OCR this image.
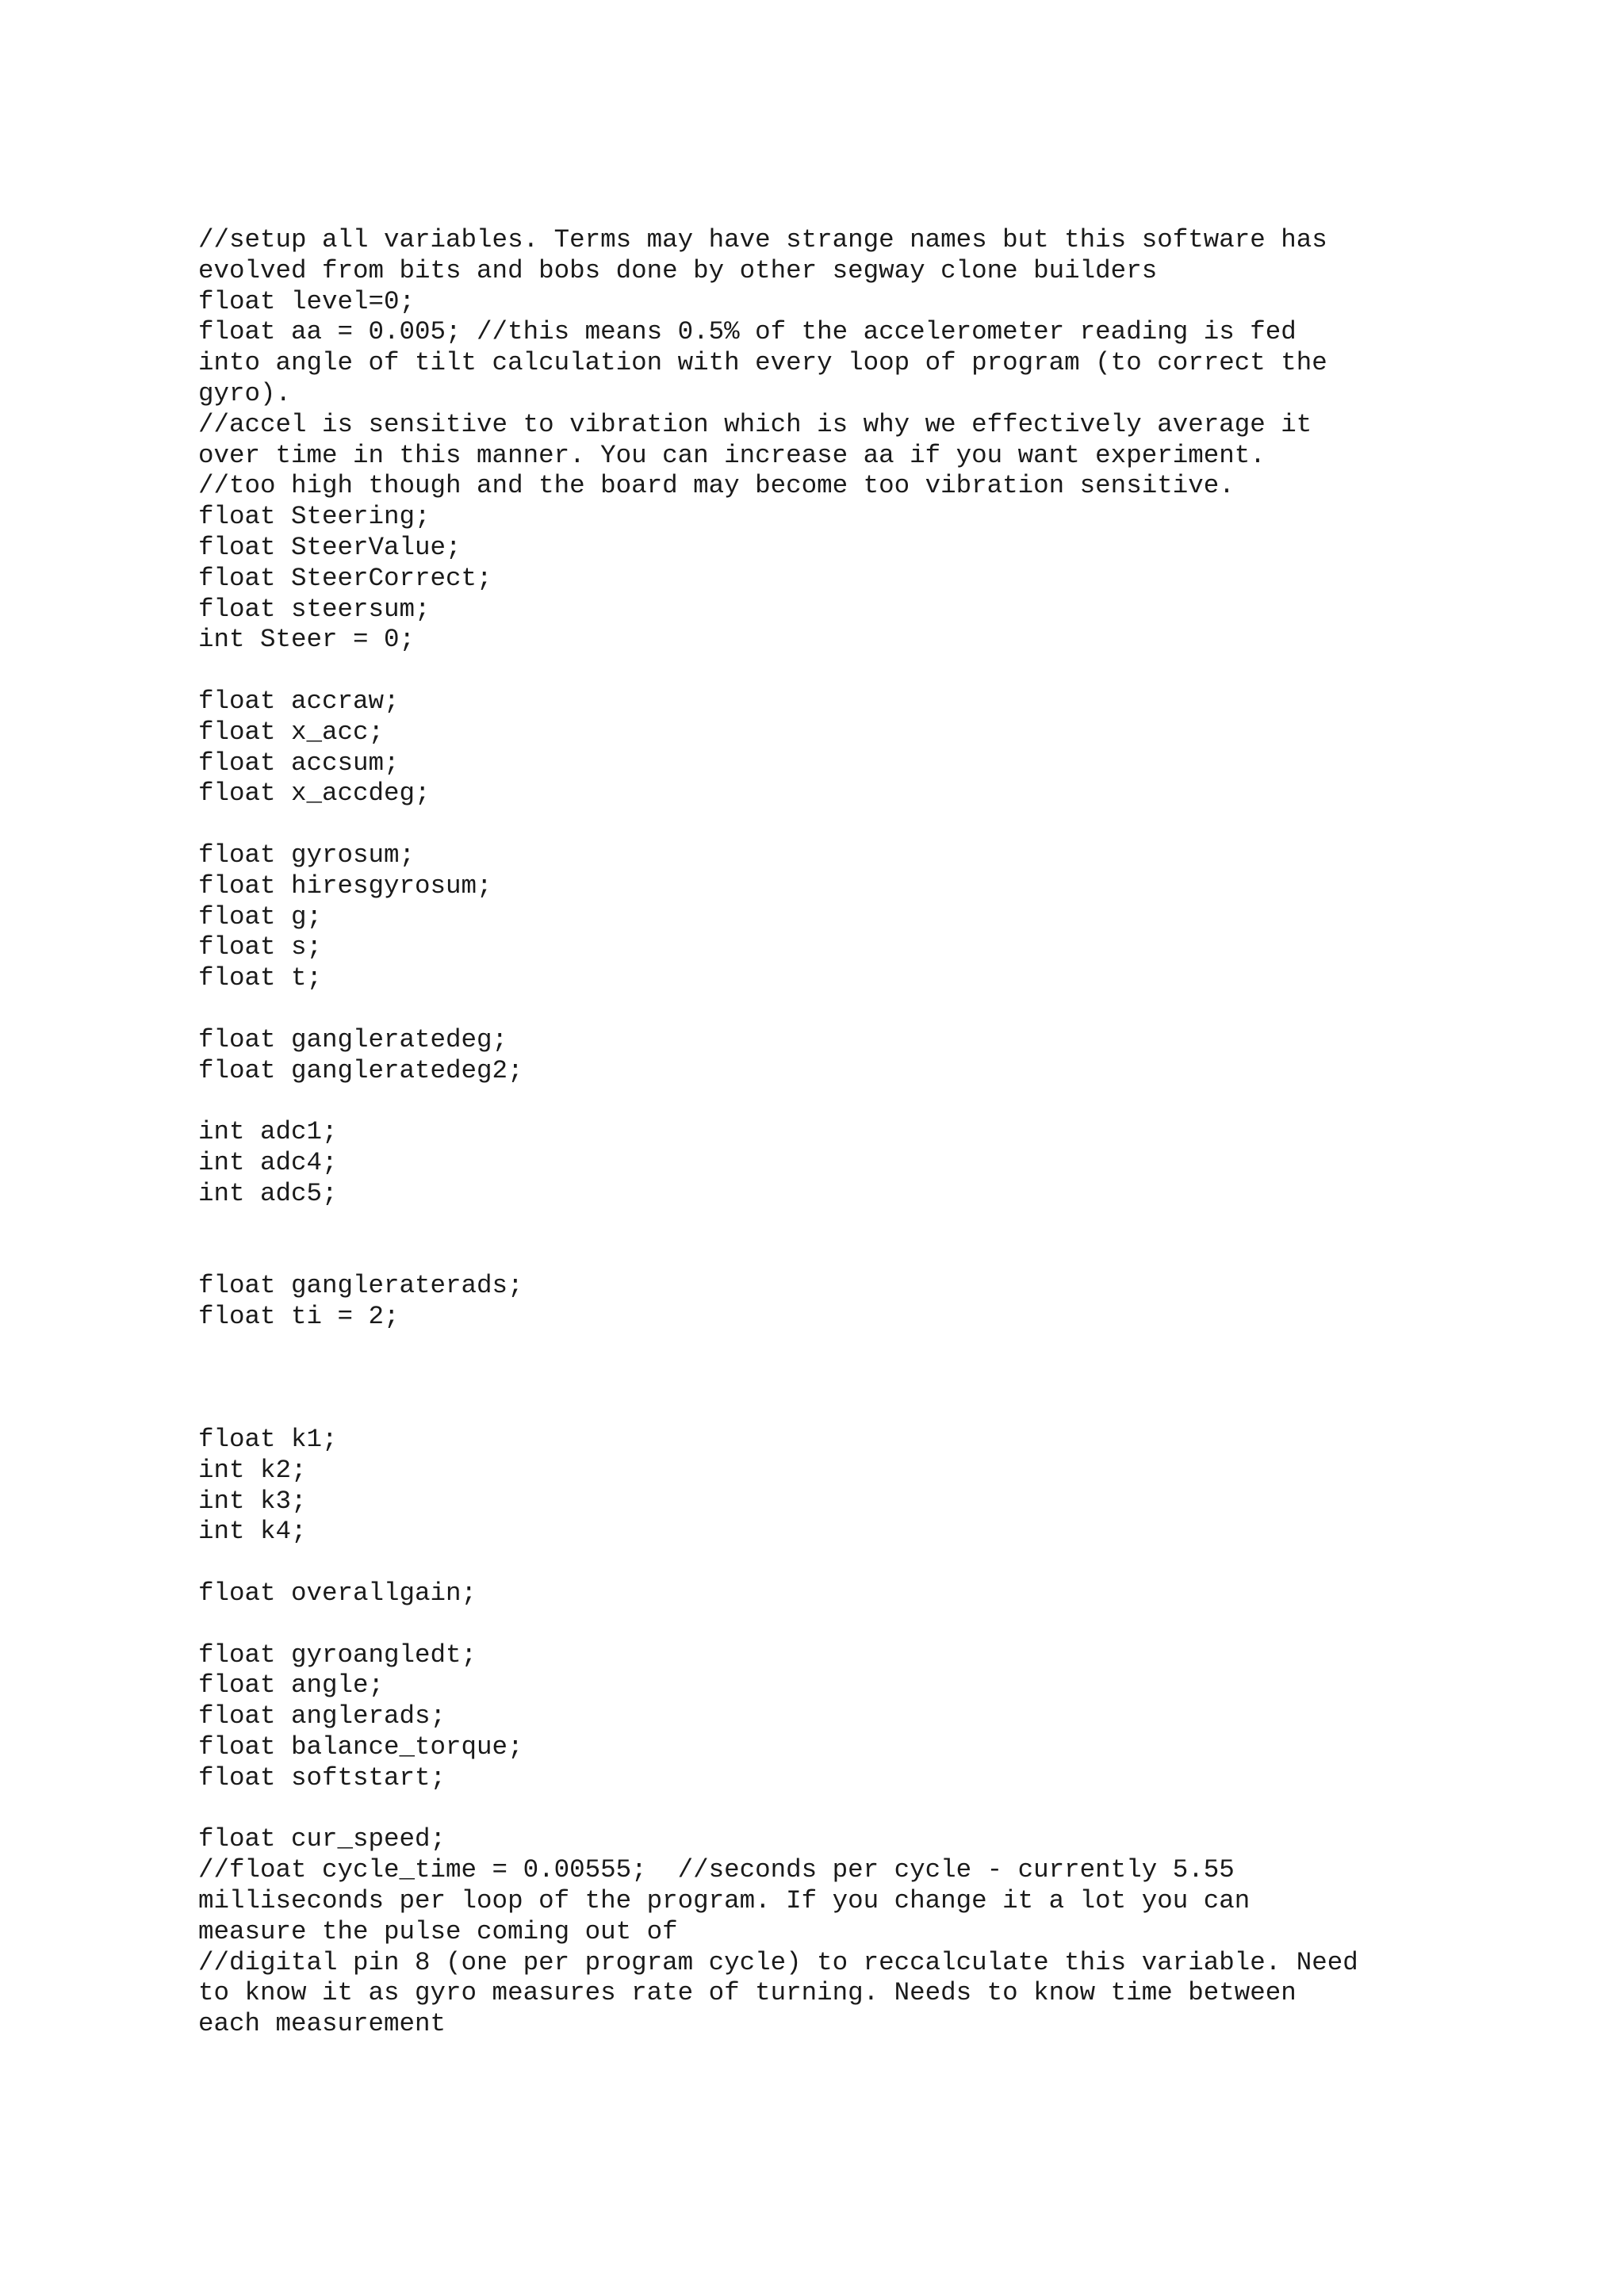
//setup all variables. Terms may have strange names but this software has
evolved from bits and bobs done by other segway clone builders
float level=0;
float aa = 0.005; //this means 0.5% of the accelerometer reading is fed
into angle of tilt calculation with every loop of program (to correct the
gyro).
//accel is sensitive to vibration which is why we effectively average it
over time in this manner. You can increase aa if you want experiment.
//too high though and the board may become too vibration sensitive.
float Steering;
float SteerValue;
float SteerCorrect;
float steersum;
int Steer = 0;
float accraw;
float x_acc;
float accsum;
float x_accdeg;
float gyrosum;
float hiresgyrosum;
float g;
float s;
float t;
float gangleratedeg;
float gangleratedeg2;
int adc1;
int adc4;
int adc5;
float gangleraterads;
float ti = 2;
float k1;
int k2;
int k3;
int k4;
float overallgain;
float gyroangledt;
float angle;
float anglerads;
float balance_torque;
float softstart;
float cur_speed;
//float cycle_time = 0.00555;  //seconds per cycle - currently 5.55
milliseconds per loop of the program. If you change it a lot you can
measure the pulse coming out of
//digital pin 8 (one per program cycle) to reccalculate this variable. Need
to know it as gyro measures rate of turning. Needs to know time between
each measurement
